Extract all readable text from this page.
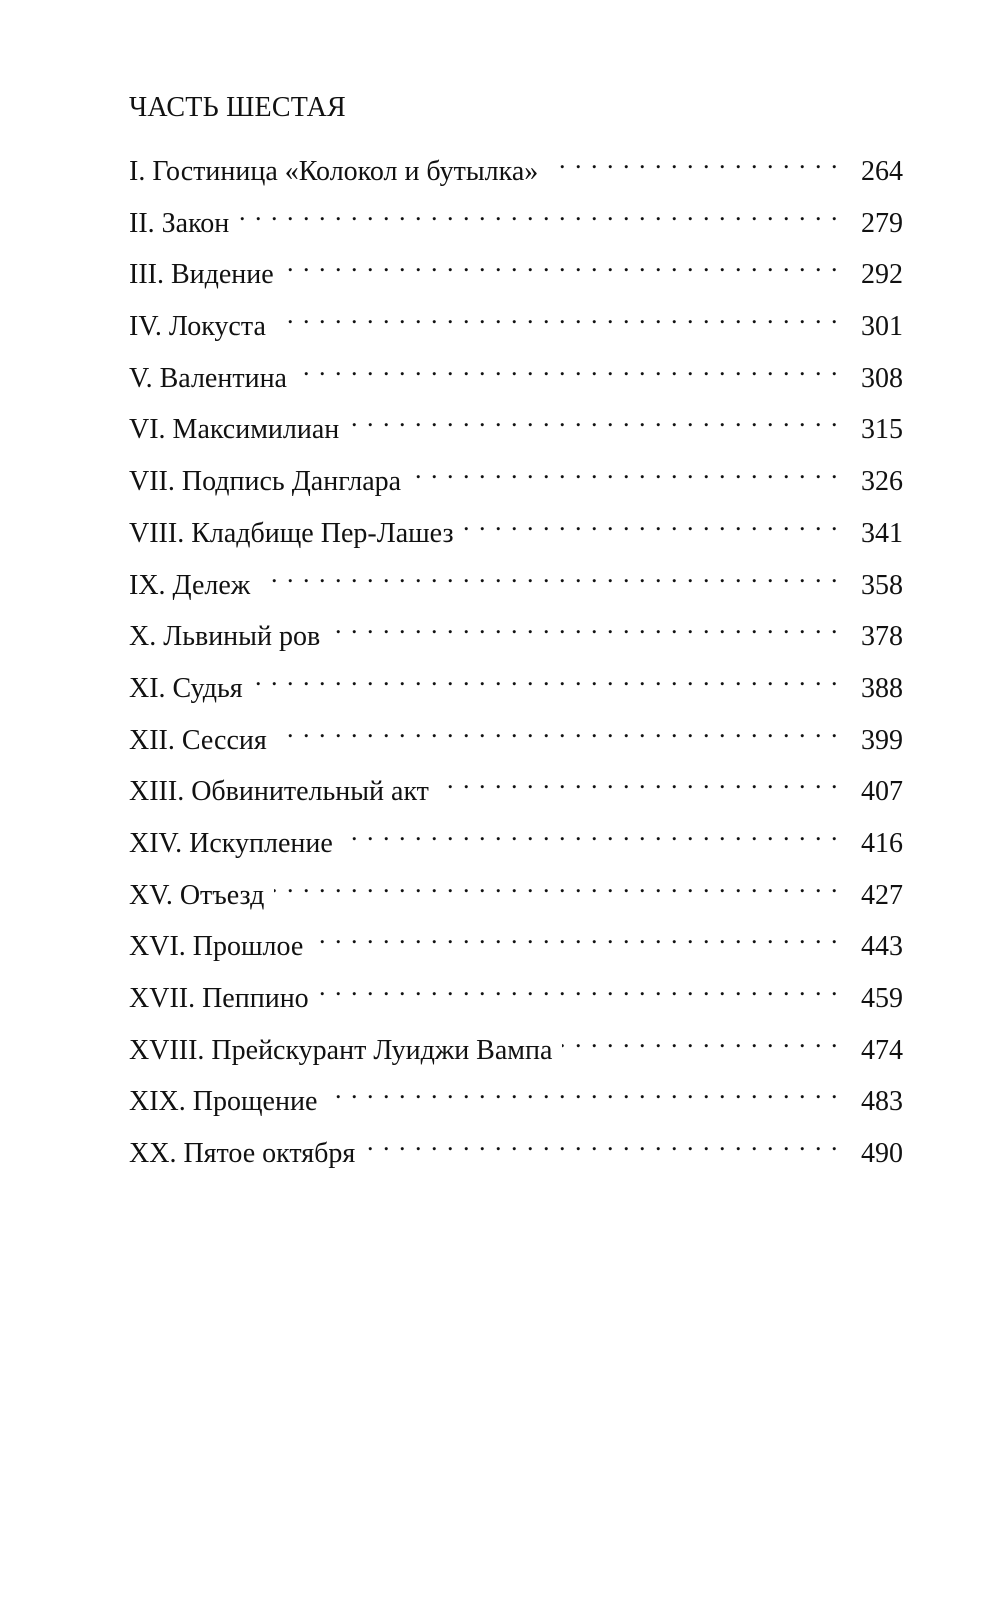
ЧАСТЬ ШЕСТАЯ
I. Гостиница «Колокол и бутылка» . . .	264
II. Закон . . .	279
III. Видение . . .	292
IV. Локуста . . .	301
V. Валентина . . .	308
VI. Максимилиан . . .	315
VII. Подпись Данглара . . .	326
VIII. Кладбище Пер-Лашез . . .	341
IX. Дележ . . .	358
X. Львиный ров . . .	378
XI. Судья . . .	388
XII. Сессия . . .	399
XIII. Обвинительный акт . . .	407
XIV. Искупление . . .	416
XV. Отъезд . . .	427
XVI. Прошлое . . .	443
XVII. Пеппино . . .	459
XVIII. Прейскурант Луиджи Вампа . . .	474
XIX. Прощение . . .	483
XX. Пятое октября . . .	490
